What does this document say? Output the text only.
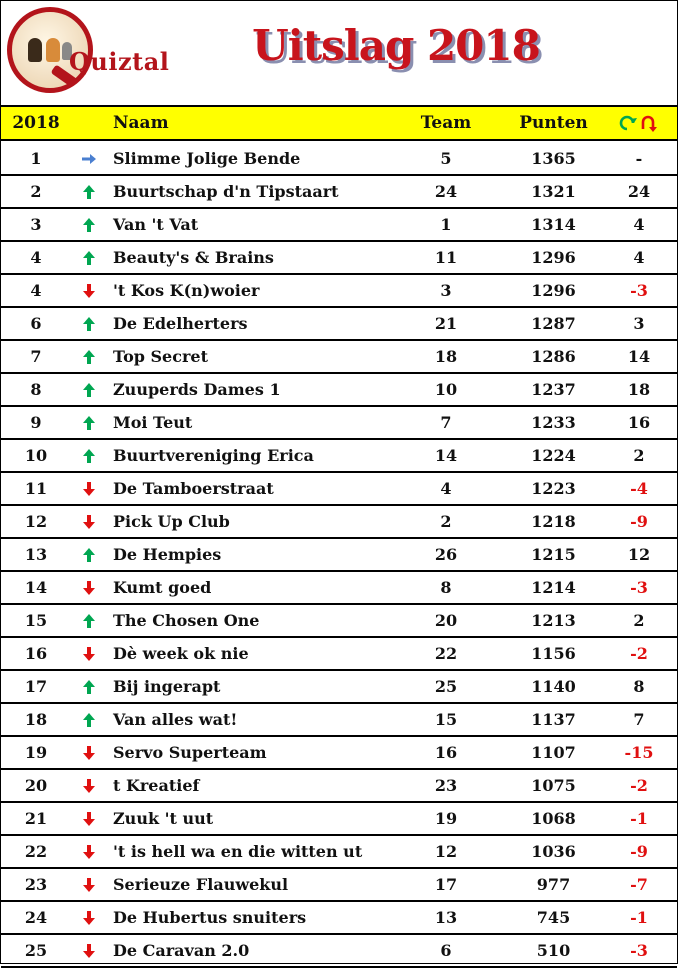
Quiztal	Uitslag 2018
2018	Naam	Team	Punten
1	Slimme Jolige Bende	5	1365	-
2	Buurtschap d'n Tipstaart	24	1321	24
3	Van 't Vat	1	1314	4
4	Beauty's & Brains	11	1296	4
4	't Kos K(n)woier	3	1296	-3
6	De Edelherters	21	1287	3
7	Top Secret	18	1286	14
8	Zuuperds Dames 1	10	1237	18
9	Moi Teut	7	1233	16
10	Buurtvereniging Erica	14	1224	2
11	De Tamboerstraat	4	1223	-4
12	Pick Up Club	2	1218	-9
13	De Hempies	26	1215	12
14	Kumt goed	8	1214	-3
15	The Chosen One	20	1213	2
16	Dè week ok nie	22	1156	-2
17	Bij ingerapt	25	1140	8
18	Van alles wat!	15	1137	7
19	Servo Superteam	16	1107	-15
20	t Kreatief	23	1075	-2
21	Zuuk 't uut	19	1068	-1
22	't is hell wa en die witten ut	12	1036	-9
23	Serieuze Flauwekul	17	977	-7
24	De Hubertus snuiters	13	745	-1
25	De Caravan 2.0	6	510	-3
